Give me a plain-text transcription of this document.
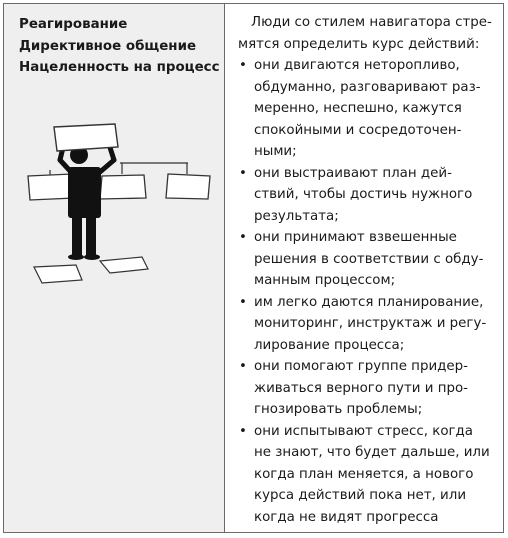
Реагирование
Директивное общение
Нацеленность на процесс

Люди со стилем навигатора стре-
мятся определить курс действий:

• они двигаются неторопливо,
обдуманно, разговаривают раз-
меренно, неспешно, кажутся
спокойными и сосредоточен-
ными;

• они выстраивают план дей-
ствий, чтобы достичь нужного
результата;

• они принимают взвешенные
решения в соответствии с обду-
манным процессом;

• им легко даются планирование,
мониторинг, инструктаж и регу-
лирование процесса;

• они помогают группе придер-
живаться верного пути и про-
гнозировать проблемы;

• они испытывают стресс, когда
не знают, что будет дальше, или
когда план меняется, а нового
курса действий пока нет, или
когда не видят прогресса
